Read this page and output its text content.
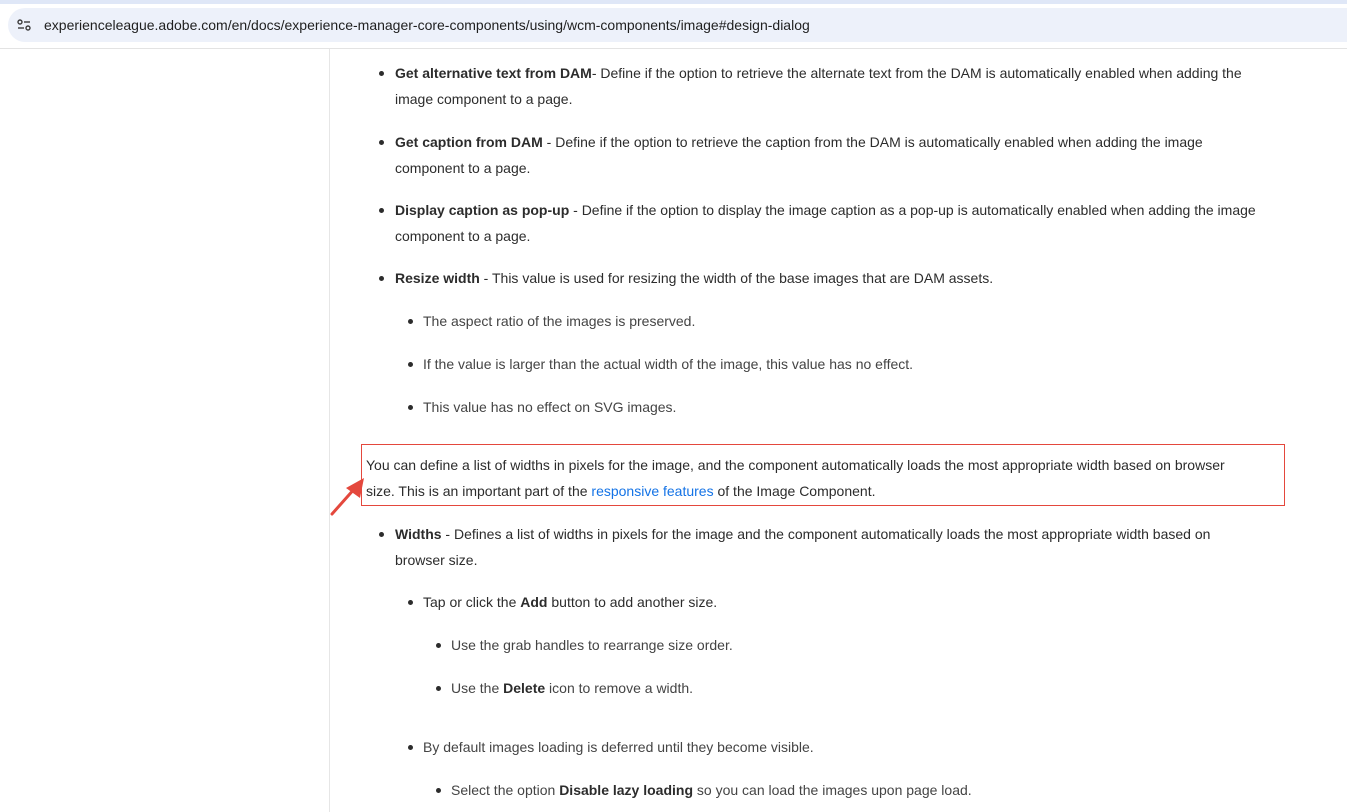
experienceleague.adobe.com/en/docs/experience-manager-core-components/using/wcm-components/image#design-dialog
Get alternative text from DAM- Define if the option to retrieve the alternate text from the DAM is automatically enabled when adding the
image component to a page.
Get caption from DAM - Define if the option to retrieve the caption from the DAM is automatically enabled when adding the image
component to a page.
Display caption as pop-up - Define if the option to display the image caption as a pop-up is automatically enabled when adding the image
component to a page.
Resize width - This value is used for resizing the width of the base images that are DAM assets.
The aspect ratio of the images is preserved.
If the value is larger than the actual width of the image, this value has no effect.
This value has no effect on SVG images.
You can define a list of widths in pixels for the image, and the component automatically loads the most appropriate width based on browser
size. This is an important part of the responsive features of the Image Component.
Widths - Defines a list of widths in pixels for the image and the component automatically loads the most appropriate width based on
browser size.
Tap or click the Add button to add another size.
Use the grab handles to rearrange size order.
Use the Delete icon to remove a width.
By default images loading is deferred until they become visible.
Select the option Disable lazy loading so you can load the images upon page load.
